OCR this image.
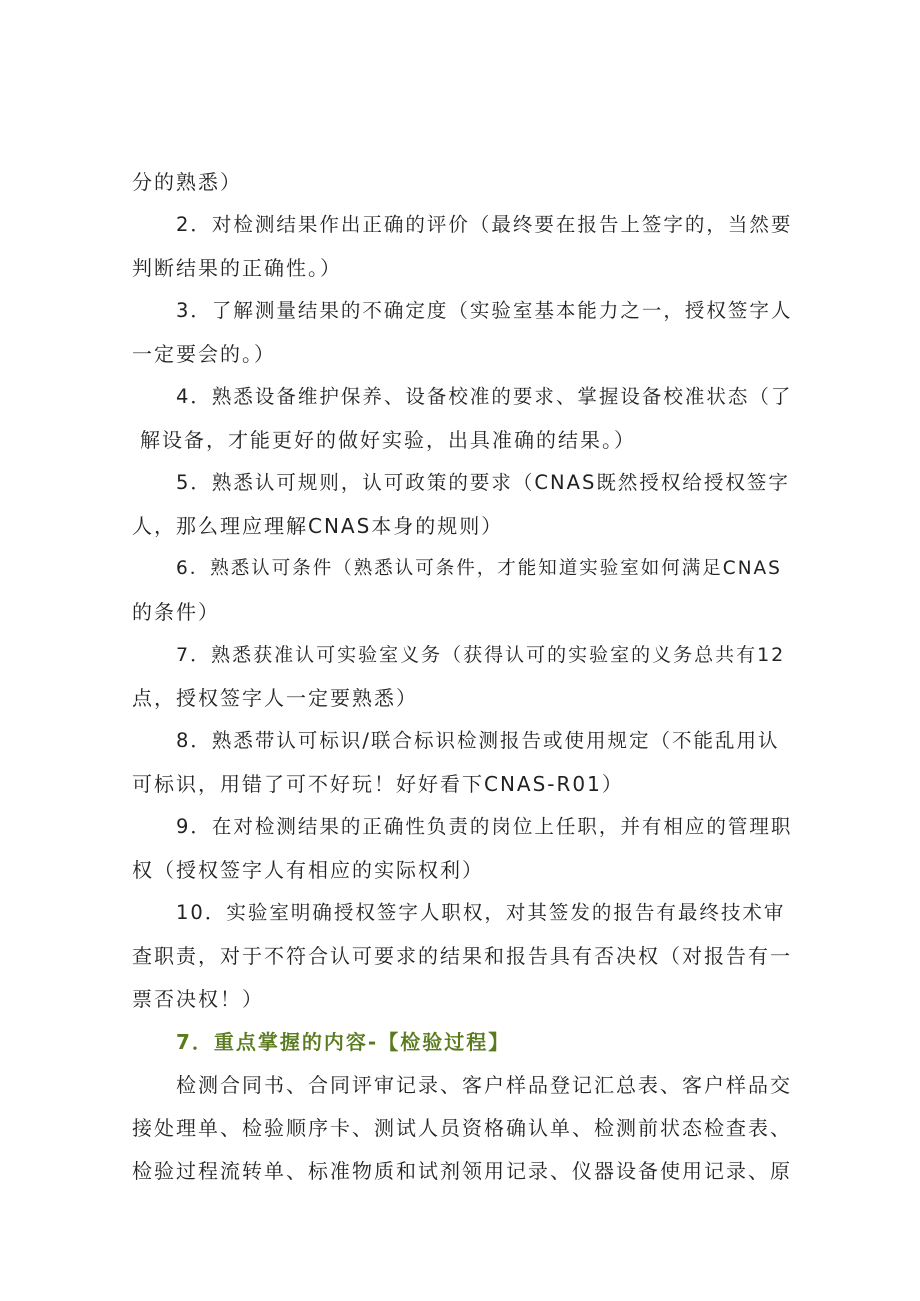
分的熟悉）
2．对检测结果作出正确的评价（最终要在报告上签字的，当然要
判断结果的正确性。）
3．了解测量结果的不确定度（实验室基本能力之一，授权签字人
一定要会的。）
4．熟悉设备维护保养、设备校准的要求、掌握设备校准状态（了
解设备，才能更好的做好实验，出具准确的结果。）
5．熟悉认可规则，认可政策的要求（CNAS既然授权给授权签字
人，那么理应理解CNAS本身的规则）
6．熟悉认可条件（熟悉认可条件，才能知道实验室如何满足CNAS
的条件）
7．熟悉获准认可实验室义务（获得认可的实验室的义务总共有12
点，授权签字人一定要熟悉）
8．熟悉带认可标识/联合标识检测报告或使用规定（不能乱用认
可标识，用错了可不好玩！好好看下CNAS-R01）
9．在对检测结果的正确性负责的岗位上任职，并有相应的管理职
权（授权签字人有相应的实际权利）
10．实验室明确授权签字人职权，对其签发的报告有最终技术审
查职责，对于不符合认可要求的结果和报告具有否决权（对报告有一
票否决权！）
7．重点掌握的内容-【检验过程】
检测合同书、合同评审记录、客户样品登记汇总表、客户样品交
接处理单、检验顺序卡、测试人员资格确认单、检测前状态检查表、
检验过程流转单、标准物质和试剂领用记录、仪器设备使用记录、原
